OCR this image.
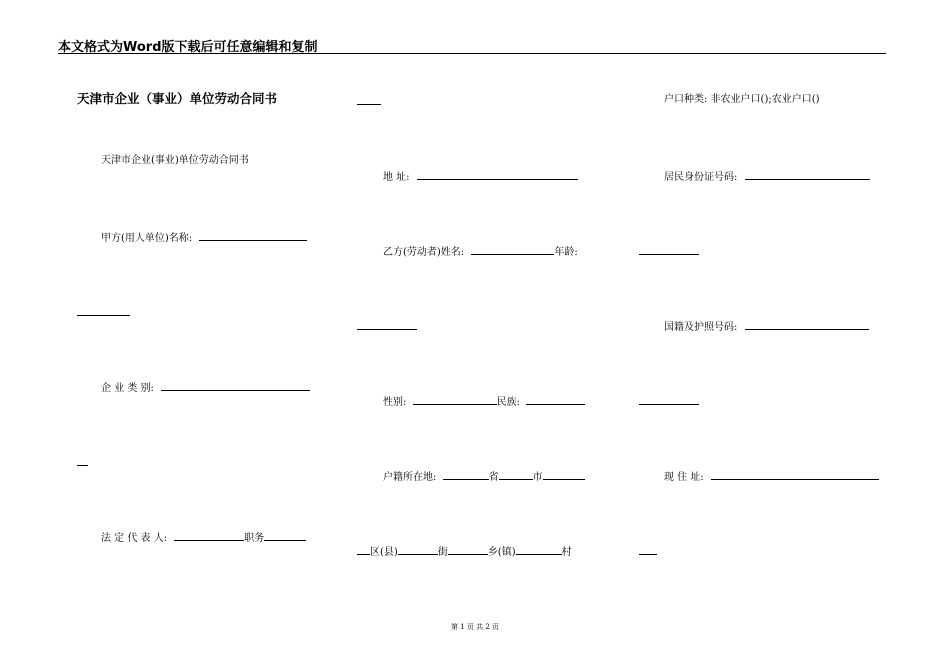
本文格式为Word版下载后可任意编辑和复制
天津市企业（事业）单位劳动合同书
天津市企业(事业)单位劳动合同书
甲方(用人单位)名称:
企 业 类 别:
法 定 代 表 人:	职务
地 址:
乙方(劳动者)姓名:	年龄:
性别:	民族:
户籍所在地:	省	市
区(县)	街	乡(镇)	村
户口种类: 非农业户口();农业户口()
居民身份证号码:
国籍及护照号码:
现 住 址:
第 1 页 共 2 页
